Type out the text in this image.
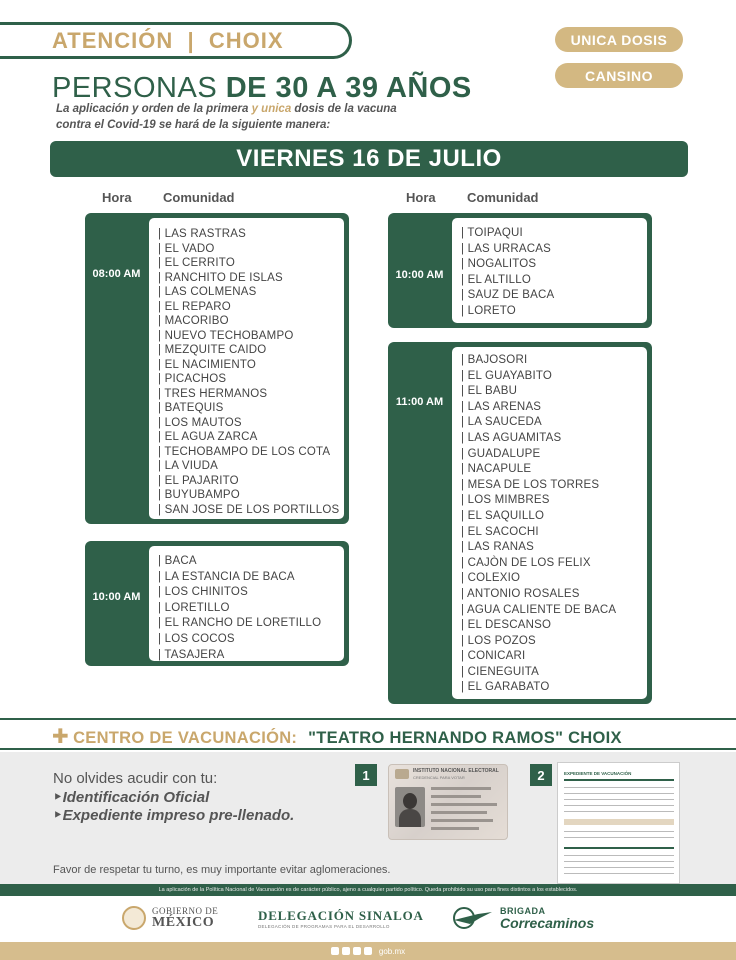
ATENCIÓN  |  CHOIX	UNICA DOSIS
CANSINO
PERSONAS DE 30 A 39 AÑOS
La aplicación y orden de la primera y unica dosis de la vacuna
contra el Covid-19 se hará de la siguiente manera:
VIERNES 16 DE JULIO
Hora Comunidad	Hora Comunidad
08:00 AM
| LAS RASTRAS
| EL VADO
| EL CERRITO
| RANCHITO DE ISLAS
| LAS COLMENAS
| EL REPARO
| MACORIBO
| NUEVO TECHOBAMPO
| MEZQUITE CAIDO
| EL NACIMIENTO
| PICACHOS
| TRES HERMANOS
| BATEQUIS
| LOS MAUTOS
| EL AGUA ZARCA
| TECHOBAMPO DE LOS COTA
| LA VIUDA
| EL PAJARITO
| BUYUBAMPO
| SAN JOSE DE LOS PORTILLOS
10:00 AM
| BACA
| LA ESTANCIA DE BACA
| LOS CHINITOS
| LORETILLO
| EL RANCHO DE LORETILLO
| LOS COCOS
| TASAJERA
10:00 AM
| TOIPAQUI
| LAS URRACAS
| NOGALITOS
| EL ALTILLO
| SAUZ DE BACA
| LORETO
11:00 AM
| BAJOSORI
| EL GUAYABITO
| EL BABU
| LAS ARENAS
| LA SAUCEDA
| LAS AGUAMITAS
| GUADALUPE
| NACAPULE
| MESA DE LOS TORRES
| LOS MIMBRES
| EL SAQUILLO
| EL SACOCHI
| LAS RANAS
| CAJÒN DE LOS FELIX
| COLEXIO
| ANTONIO ROSALES
| AGUA CALIENTE DE BACA
| EL DESCANSO
| LOS POZOS
| CONICARI
| CIENEGUITA
| EL GARABATO
✚ CENTRO DE VACUNACIÓN: "TEATRO HERNANDO RAMOS" CHOIX
No olvides acudir con tu:
‣Identificación Oficial
‣Expediente impreso pre-llenado.
Favor de respetar tu turno, es muy importante evitar aglomeraciones.
1	2
INSTITUTO NACIONAL ELECTORAL
CREDENCIAL PARA VOTAR
EXPEDIENTE DE VACUNACIÓN
La aplicación de la Política Nacional de Vacunación es de carácter público, ajeno a cualquier partido político. Queda prohibido su uso para fines distintos a los establecidos.
GOBIERNO DE
MÉXICO	DELEGACIÓN SINALOA
DELEGACIÓN DE PROGRAMAS PARA EL DESARROLLO
BRIGADA
Correcaminos
gob.mx
